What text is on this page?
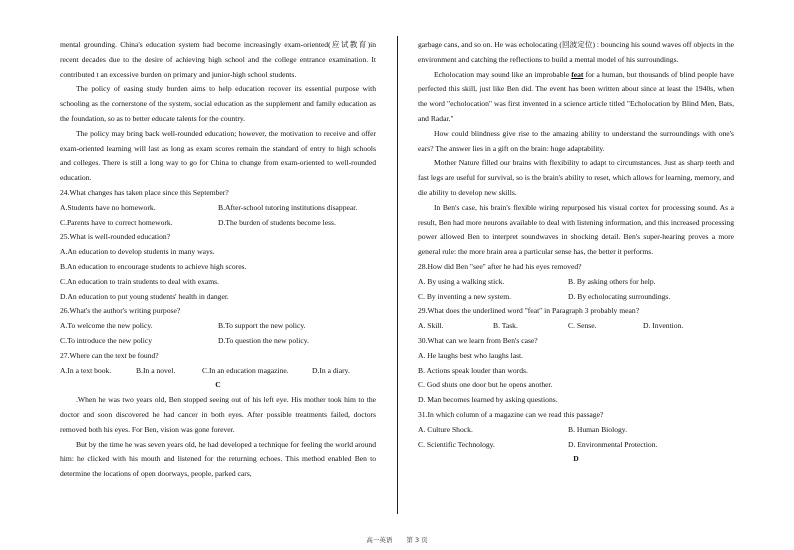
mental grounding. China's education system had become increasingly exam-oriented(应试教育)in recent decades due to the desire of achieving high school and the college entrance examination. It contributed t an excessive burden on primary and junior-high school students.

The policy of easing study burden aims to help education recover its essential purpose with schooling as the cornerstone of the system, social education as the supplement and family education as the foundation, so as to better educate talents for the country.

The policy may bring back well-rounded education; however, the motivation to receive and offer exam-oriented learning will last as long as exam scores remain the standard of entry to high schools and colleges. There is still a long way to go for China to change from exam-oriented to well-rounded education.

24.What changes has taken place since this September?

A.Students have no homework.	B.After-school tutoring institutions disappear.
C.Parents have to correct homework.	D.The burden of students become less.

25.What is well-rounded education?

A.An education to develop students in many ways.

B.An education to encourage students to achieve high scores.

C.An education to train students to deal with exams.

D.An education to put young students' health in danger.

26.What's the author's writing purpose?

A.To welcome the new policy.	B.To support the new policy.
C.To introduce the new policy	D.To question the new policy.

27.Where can the text be found?

A.In a text book.	B.In a novel.	C.In an education magazine.	D.In a diary.

C

.When he was two years old, Ben stopped seeing out of his left eye. His mother took him to the doctor and soon discovered he had cancer in both eyes. After possible treatments failed, doctors removed both his eyes. For Ben, vision was gone forever.

But by the time he was seven years old, he had developed a technique for feeling the world around him: he clicked with his mouth and listened for the returning echoes. This method enabled Ben to determine the locations of open doorways, people, parked cars,

garbage cans, and so on. He was echolocating (回波定位) : bouncing his sound waves off objects in the environment and catching the reflections to build a mental model of his surroundings.

Echolocation may sound like an improbable feat for a human, but thousands of blind people have perfected this skill, just like Ben did. The event has been written about since at least the 1940s, when the word "echolocation" was first invented in a science article titled "Echolocation by Blind Men, Bats, and Radar."

How could blindness give rise to the amazing ability to understand the surroundings with one's ears? The answer lies in a gift on the brain: huge adaptability.

Mother Nature filled our brains with flexibility to adapt to circumstances. Just as sharp teeth and fast legs are useful for survival, so is the brain's ability to reset, which allows for learning, memory, and die ability to develop new skills.

In Ben's case, his brain's flexible wiring repurposed his visual cortex for processing sound. As a result, Ben had more neurons available to deal with listening information, and this increased processing power allowed Ben to interpret soundwaves in shocking detail. Ben's super-hearing proves a more general rule: the more brain area a particular sense has, the better it performs.

28.How did Ben "see" after he had his eyes removed?

A. By using a walking stick.	B. By asking others for help.
C. By inventing a new system.	D. By echolocating surroundings.

29.What does the underlined word "feat" in Paragraph 3 probably mean?

A. Skill.	B. Task.	C. Sense.	D. Invention.

30.What can we learn from Ben's case?

A. He laughs best who laughs last.

B. Actions speak louder than words.

C. God shuts one door but he opens another.

D. Man becomes learned by asking questions.

31.In which column of a magazine can we read this passage?

A. Culture Shock.	B. Human Biology.
C. Scientific Technology.	D. Environmental Protection.

D

高一英语 第 3 页
